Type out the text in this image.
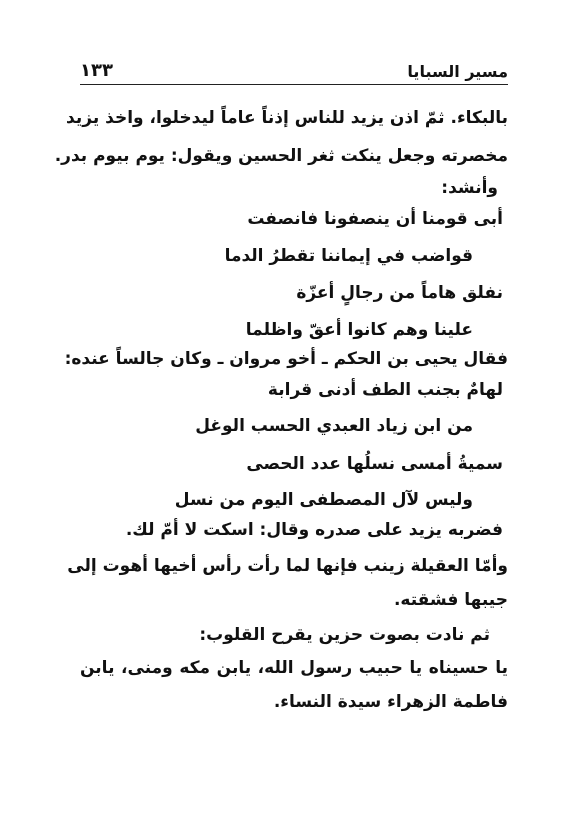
مسير السبايا
١٣٣
بالبكاء. ثمّ اذن يزيد للناس إذناً عاماً ليدخلوا، واخذ يزيد
مخصرته وجعل ينكت ثغر الحسين ويقول: يوم بيوم بدر.
وأنشد:
أبى قومنا أن ينصفونا فانصفت
قواضب في إيماننا تقطرُ الدما
نفلق هاماً من رجالٍ أعزّة
علينا وهم كانوا أعقّ واظلما
فقال يحيى بن الحكم ـ أخو مروان ـ وكان جالساً عنده:
لهامٌ بجنب الطف أدنى قرابة
من ابن زياد العبدي الحسب الوغل
سميةُ أمسى نسلُها عدد الحصى
وليس لآل المصطفى اليوم من نسل
فضربه يزيد على صدره وقال: اسكت لا أمّ لك.
وأمّا العقيلة زينب فإنها لما رأت رأس أخيها أهوت إلى
جيبها فشقته.
ثم نادت بصوت حزين يقرح القلوب:
يا حسيناه يا حبيب رسول الله، يابن مكه ومنى، يابن
فاطمة الزهراء سيدة النساء.
